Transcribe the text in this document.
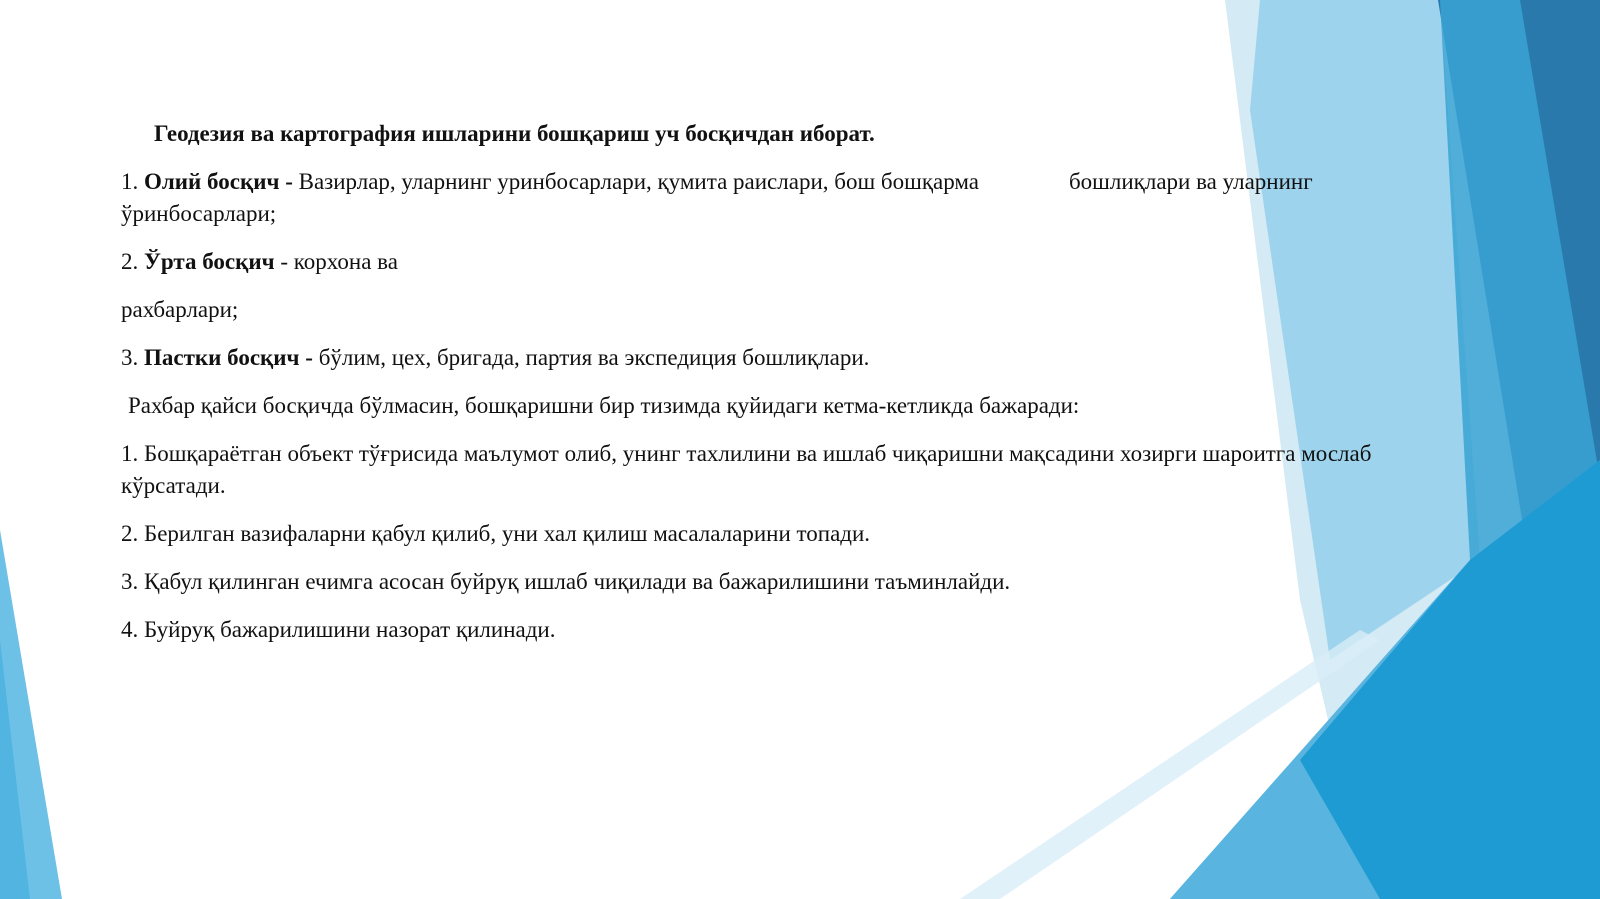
Геодезия ва картография ишларини бошқариш уч босқичдан иборат.

1. Олий босқич - Вазирлар, уларнинг уринбосарлари, қумита раислари, бош бошқарма	бошлиқлари ва уларнинг ўринбосарлари;

2. Ўрта босқич - корхона ва

рахбарлари;

3. Пастки босқич - бўлим, цех, бригада, партия ва экспедиция бошлиқлари.

Рахбар қайси босқичда бўлмасин, бошқаришни бир тизимда қуйидаги кетма-кетликда бажаради:

1. Бошқараётган объект тўғрисида маълумот олиб, унинг тахлилини ва ишлаб чиқаришни мақсадини хозирги шароитга мослаб кўрсатади.

2. Берилган вазифаларни қабул қилиб, уни хал қилиш масалаларини топади.

3. Қабул қилинган ечимга асосан буйруқ ишлаб чиқилади ва бажарилишини таъминлайди.

4. Буйруқ бажарилишини назорат қилинади.
